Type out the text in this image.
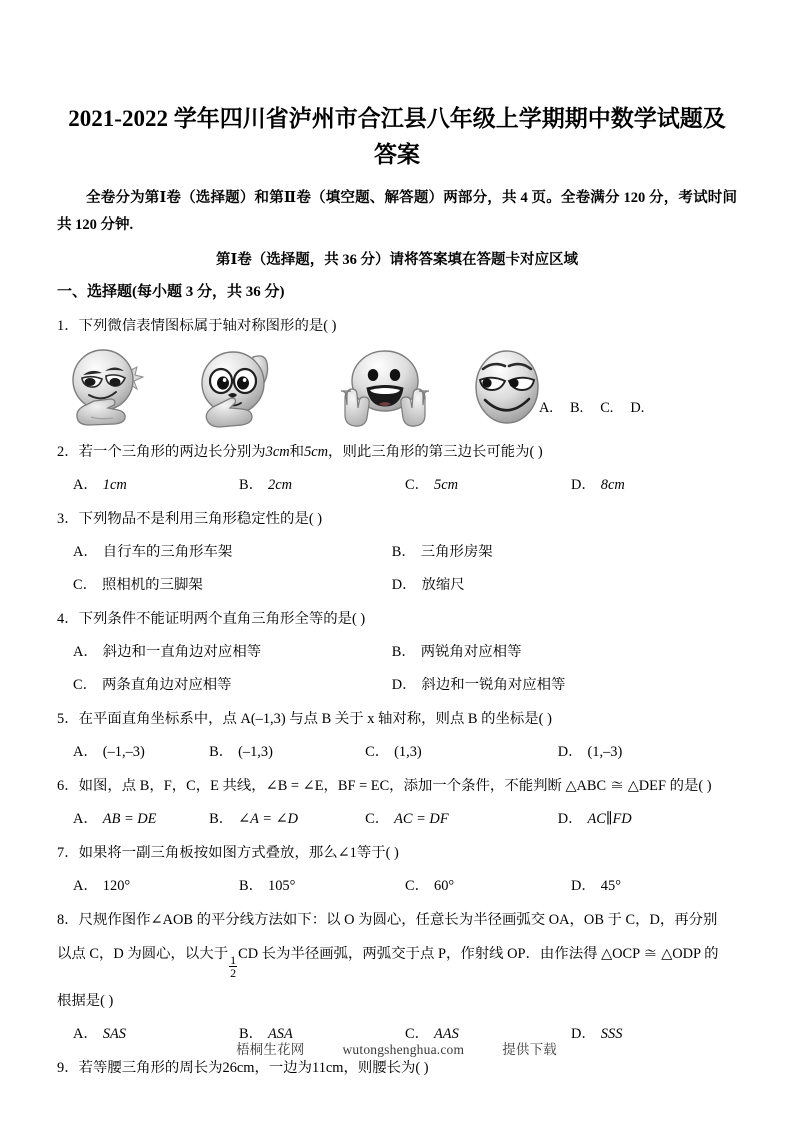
2021-2022 学年四川省泸州市合江县八年级上学期期中数学试题及答案
全卷分为第Ⅰ卷（选择题）和第Ⅱ卷（填空题、解答题）两部分，共 4 页。全卷满分 120 分，考试时间共 120 分钟.
第Ⅰ卷（选择题，共 36 分）请将答案填在答题卡对应区域
一、选择题(每小题 3 分，共 36 分)
1．下列微信表情图标属于轴对称图形的是( )
A. B. C. D.
2．若一个三角形的两边长分别为3cm和5cm，则此三角形的第三边长可能为( )
A． 1cm	B． 2cm	C． 5cm	D． 8cm
3．下列物品不是利用三角形稳定性的是( )
A． 自行车的三角形车架	B． 三角形房架
C． 照相机的三脚架	D． 放缩尺
4．下列条件不能证明两个直角三角形全等的是( )
A． 斜边和一直角边对应相等	B． 两锐角对应相等
C． 两条直角边对应相等	D． 斜边和一锐角对应相等
5．在平面直角坐标系中，点 A(–1,3) 与点 B 关于 x 轴对称，则点 B 的坐标是( )
A． (–1,–3)	B． (–1,3)	C． (1,3)	D． (1,–3)
6．如图，点 B，F，C，E 共线，∠B = ∠E，BF = EC，添加一个条件，不能判断 △ABC ≅ △DEF 的是( )
A． AB = DE	B． ∠A = ∠D	C． AC = DF	D． AC∥FD
7．如果将一副三角板按如图方式叠放，那么∠1等于( )
A． 120°	B． 105°	C． 60°	D． 45°
8．尺规作图作∠AOB 的平分线方法如下：以 O 为圆心，任意长为半径画弧交 OA，OB 于 C，D，再分别
以点 C，D 为圆心，以大于
$\frac{1}{2}$
CD 长为半径画弧，两弧交于点 P，作射线 OP．由作法得 △OCP ≅ △ODP 的
根据是( )
A． SAS	B． ASA	C． AAS	D． SSS
9．若等腰三角形的周长为26cm，一边为11cm，则腰长为( )
梧桐生花网	wutongshenghua.com	提供下载
